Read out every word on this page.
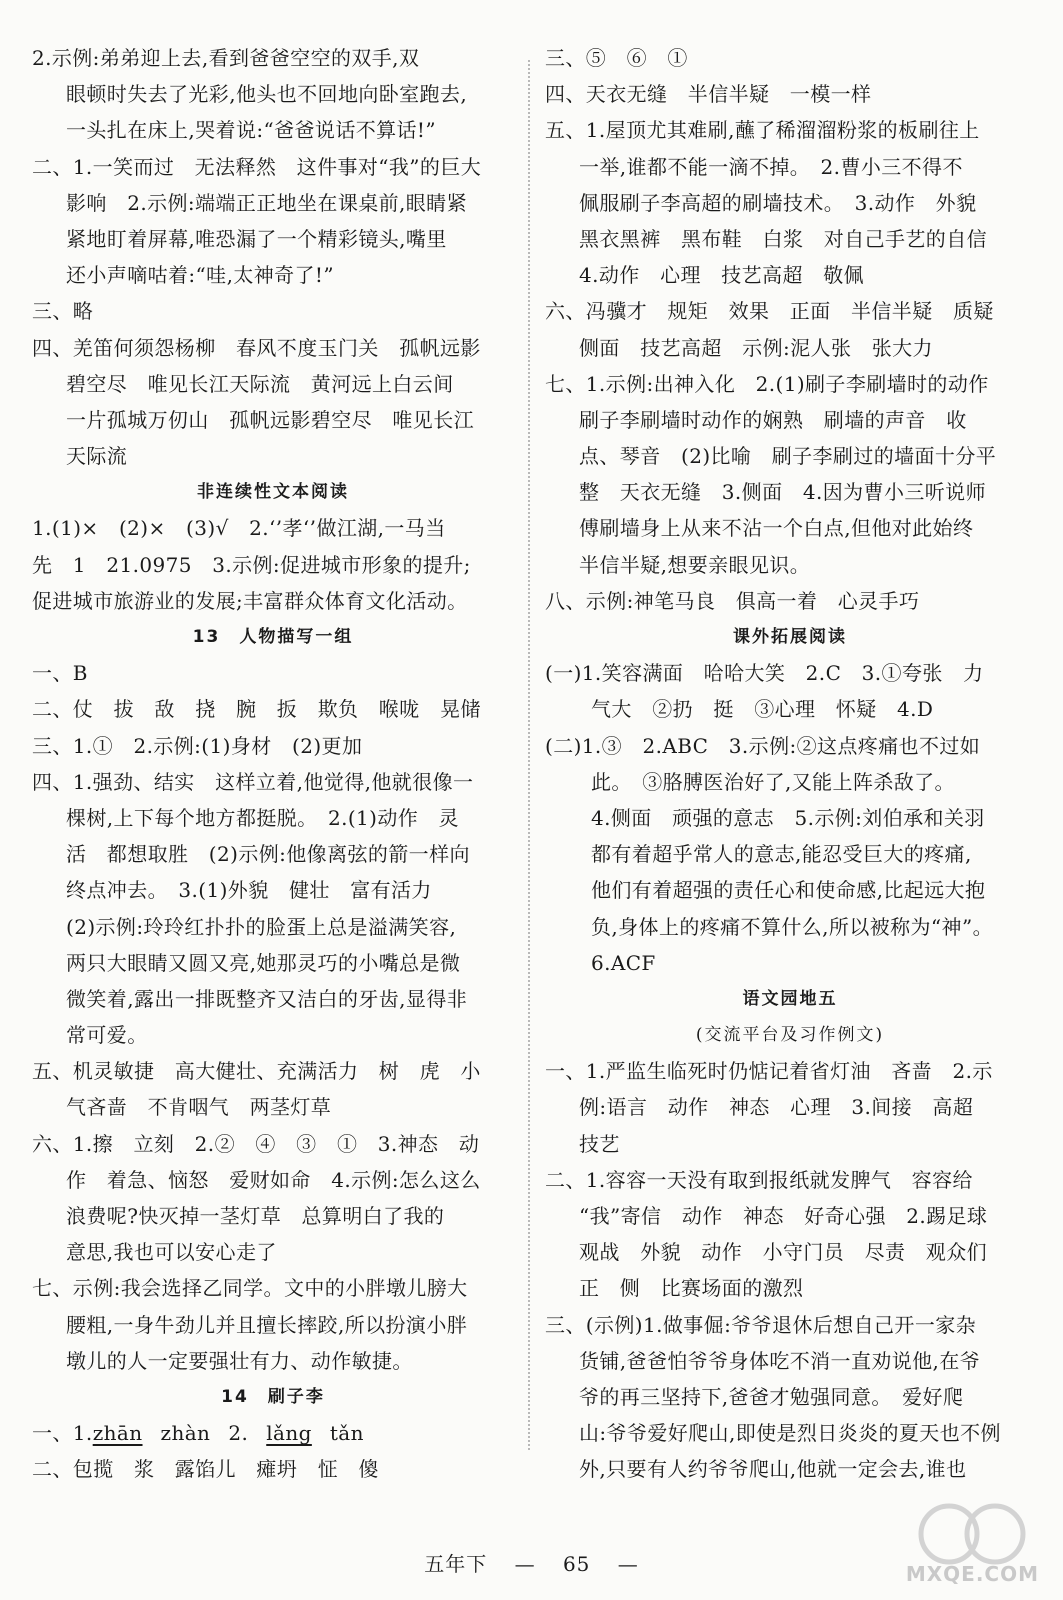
2.示例:弟弟迎上去,看到爸爸空空的双手,双
眼顿时失去了光彩,他头也不回地向卧室跑去,
一头扎在床上,哭着说:“爸爸说话不算话!”
二、1.一笑而过　无法释然　这件事对“我”的巨大
影响　2.示例:端端正正地坐在课桌前,眼睛紧
紧地盯着屏幕,唯恐漏了一个精彩镜头,嘴里
还小声嘀咕着:“哇,太神奇了!”
三、略
四、羌笛何须怨杨柳　春风不度玉门关　孤帆远影
碧空尽　唯见长江天际流　黄河远上白云间
一片孤城万仞山　孤帆远影碧空尽　唯见长江
天际流
非连续性文本阅读
1.(1)×　(2)×　(3)√　2.‘’孝‘’做江湖,一马当
先　1　21.0975　3.示例:促进城市形象的提升;
促进城市旅游业的发展;丰富群众体育文化活动。
13　人物描写一组
一、B
二、仗　拔　敌　挠　腕　扳　欺负　喉咙　晃储
三、1.①　2.示例:(1)身材　(2)更加
四、1.强劲、结实　这样立着,他觉得,他就很像一
棵树,上下每个地方都挺脱。　2.(1)动作　灵
活　都想取胜　(2)示例:他像离弦的箭一样向
终点冲去。　3.(1)外貌　健壮　富有活力
(2)示例:玲玲红扑扑的脸蛋上总是溢满笑容,
两只大眼睛又圆又亮,她那灵巧的小嘴总是微
微笑着,露出一排既整齐又洁白的牙齿,显得非
常可爱。
五、机灵敏捷　高大健壮、充满活力　树　虎　小
气吝啬　不肯咽气　两茎灯草
六、1.擦　立刻　2.②　④　③　①　3.神态　动
作　着急、恼怒　爱财如命　4.示例:怎么这么
浪费呢?快灭掉一茎灯草　总算明白了我的
意思,我也可以安心走了
七、示例:我会选择乙同学。文中的小胖墩儿膀大
腰粗,一身牛劲儿并且擅长摔跤,所以扮演小胖
墩儿的人一定要强壮有力、动作敏捷。
14　刷子李
一、1.zhān zhàn 2. lǎng tǎn
二、包揽　浆　露馅儿　瘫坍　怔　傻
三、⑤　⑥　①
四、天衣无缝　半信半疑　一模一样
五、1.屋顶尤其难刷,蘸了稀溜溜粉浆的板刷往上
一举,谁都不能一滴不掉。　2.曹小三不得不
佩服刷子李高超的刷墙技术。　3.动作　外貌
黑衣黑裤　黑布鞋　白浆　对自己手艺的自信
4.动作　心理　技艺高超　敬佩
六、冯骥才　规矩　效果　正面　半信半疑　质疑
侧面　技艺高超　示例:泥人张　张大力
七、1.示例:出神入化　2.(1)刷子李刷墙时的动作
刷子李刷墙时动作的娴熟　刷墙的声音　收
点、琴音　(2)比喻　刷子李刷过的墙面十分平
整　天衣无缝　3.侧面　4.因为曹小三听说师
傅刷墙身上从来不沾一个白点,但他对此始终
半信半疑,想要亲眼见识。
八、示例:神笔马良　俱高一着　心灵手巧
课外拓展阅读
(一)1.笑容满面　哈哈大笑　2.C　3.①夸张　力
气大　②扔　挺　③心理　怀疑　4.D
(二)1.③　2.ABC　3.示例:②这点疼痛也不过如
此。　③胳膊医治好了,又能上阵杀敌了。
4.侧面　顽强的意志　5.示例:刘伯承和关羽
都有着超乎常人的意志,能忍受巨大的疼痛,
他们有着超强的责任心和使命感,比起远大抱
负,身体上的疼痛不算什么,所以被称为“神”。
6.ACF
语文园地五
(交流平台及习作例文)
一、1.严监生临死时仍惦记着省灯油　吝啬　2.示
例:语言　动作　神态　心理　3.间接　高超
技艺
二、1.容容一天没有取到报纸就发脾气　容容给
“我”寄信　动作　神态　好奇心强　2.踢足球
观战　外貌　动作　小守门员　尽责　观众们
正　侧　比赛场面的激烈
三、(示例)1.做事倔:爷爷退休后想自己开一家杂
货铺,爸爸怕爷爷身体吃不消一直劝说他,在爷
爷的再三坚持下,爸爸才勉强同意。　爱好爬
山:爷爷爱好爬山,即使是烈日炎炎的夏天也不例
外,只要有人约爷爷爬山,他就一定会去,谁也
五年下 — 65 —	MXQE.COM
